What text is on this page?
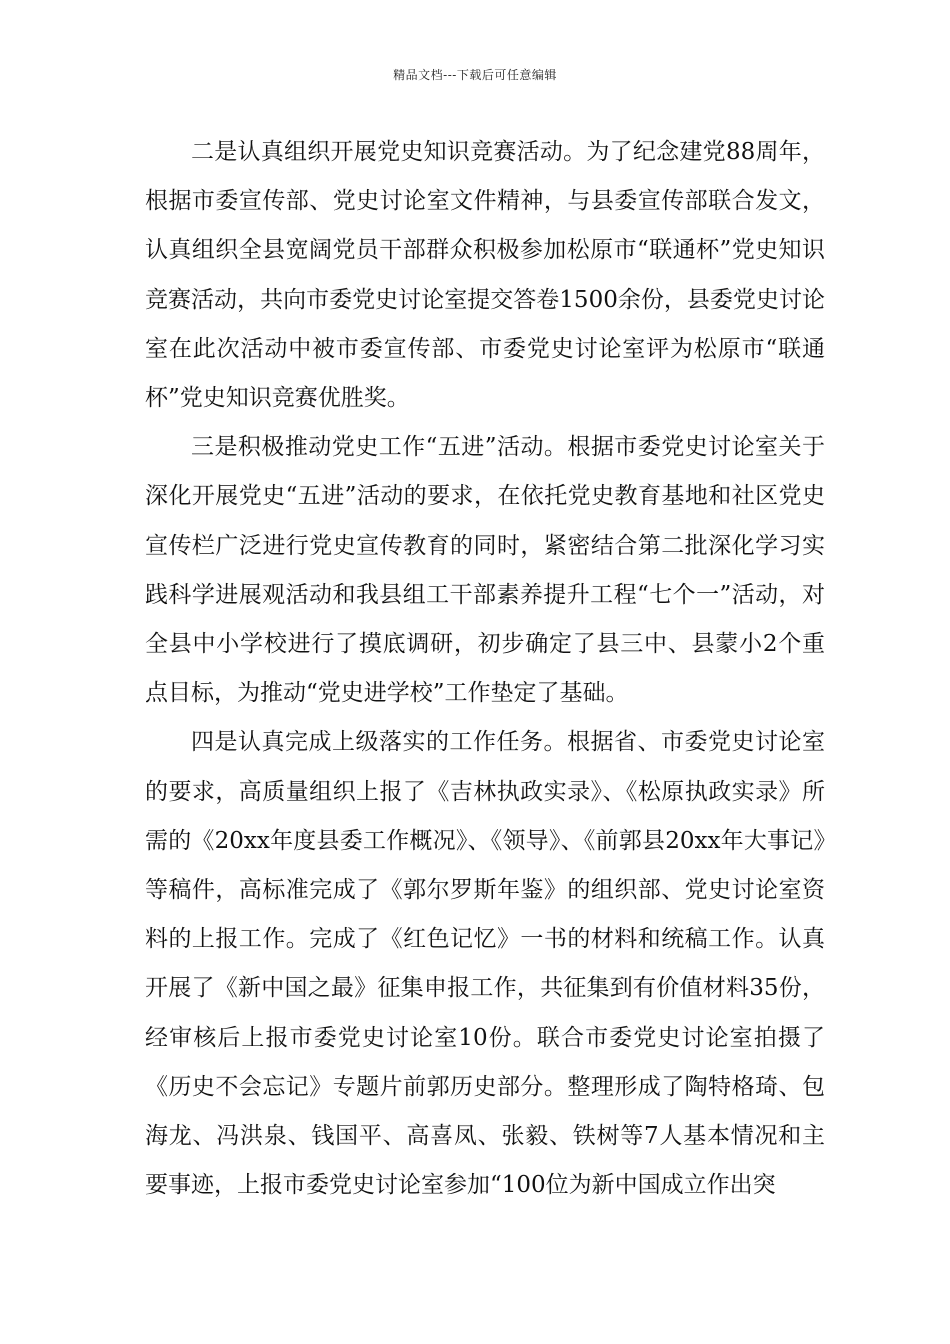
精品文档---下载后可任意编辑

二是认真组织开展党史知识竞赛活动。为了纪念建党88周年，根据市委宣传部、党史讨论室文件精神，与县委宣传部联合发文，认真组织全县宽阔党员干部群众积极参加松原市“联通杯”党史知识竞赛活动，共向市委党史讨论室提交答卷1500余份，县委党史讨论室在此次活动中被市委宣传部、市委党史讨论室评为松原市“联通杯”党史知识竞赛优胜奖。

三是积极推动党史工作“五进”活动。根据市委党史讨论室关于深化开展党史“五进”活动的要求，在依托党史教育基地和社区党史宣传栏广泛进行党史宣传教育的同时，紧密结合第二批深化学习实践科学进展观活动和我县组工干部素养提升工程“七个一”活动，对全县中小学校进行了摸底调研，初步确定了县三中、县蒙小2个重点目标，为推动“党史进学校”工作垫定了基础。

四是认真完成上级落实的工作任务。根据省、市委党史讨论室的要求，高质量组织上报了《吉林执政实录》、《松原执政实录》所需的《20xx年度县委工作概况》、《领导》、《前郭县20xx年大事记》等稿件，高标准完成了《郭尔罗斯年鉴》的组织部、党史讨论室资料的上报工作。完成了《红色记忆》一书的材料和统稿工作。认真开展了《新中国之最》征集申报工作，共征集到有价值材料35份，经审核后上报市委党史讨论室10份。联合市委党史讨论室拍摄了《历史不会忘记》专题片前郭历史部分。整理形成了陶特格琦、包海龙、冯洪泉、钱国平、高喜凤、张毅、铁树等7人基本情况和主要事迹，上报市委党史讨论室参加“100位为新中国成立作出突
